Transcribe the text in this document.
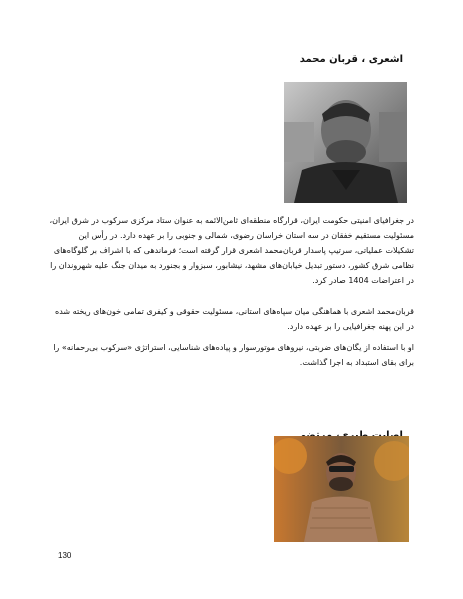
اشعری ، قربان محمد

در جغرافیای امنیتی حکومت ایران، قرارگاه منطقه‌ای ثامن‌الائمه به عنوان ستاد مرکزی سرکوب در شرق ایران، مسئولیت مستقیم خفقان در سه استان خراسان رضوی، شمالی و جنوبی را بر عهده دارد. در رأس این تشکیلات عملیاتی، سرتیپ پاسدار قربان‌محمد اشعری قرار گرفته است؛ فرماندهی که با اشراف بر گلوگاه‌های نظامی شرق کشور، دستور تبدیل خیابان‌های مشهد، نیشابور، سبزوار و بجنورد به میدان جنگ علیه شهروندان را در اعتراضات 1404 صادر کرد.

قربان‌محمد اشعری با هماهنگی میان سپاه‌های استانی، مسئولیت حقوقی و کیفری تمامی خون‌های ریخته شده در این پهنه جغرافیایی را بر عهده دارد.

او با استفاده از یگان‌های ضربتی، نیروهای موتورسوار و پیاده‌های شناسایی، استراتژی «سرکوب بی‌رحمانه» را برای بقای استبداد به اجرا گذاشت.

130
